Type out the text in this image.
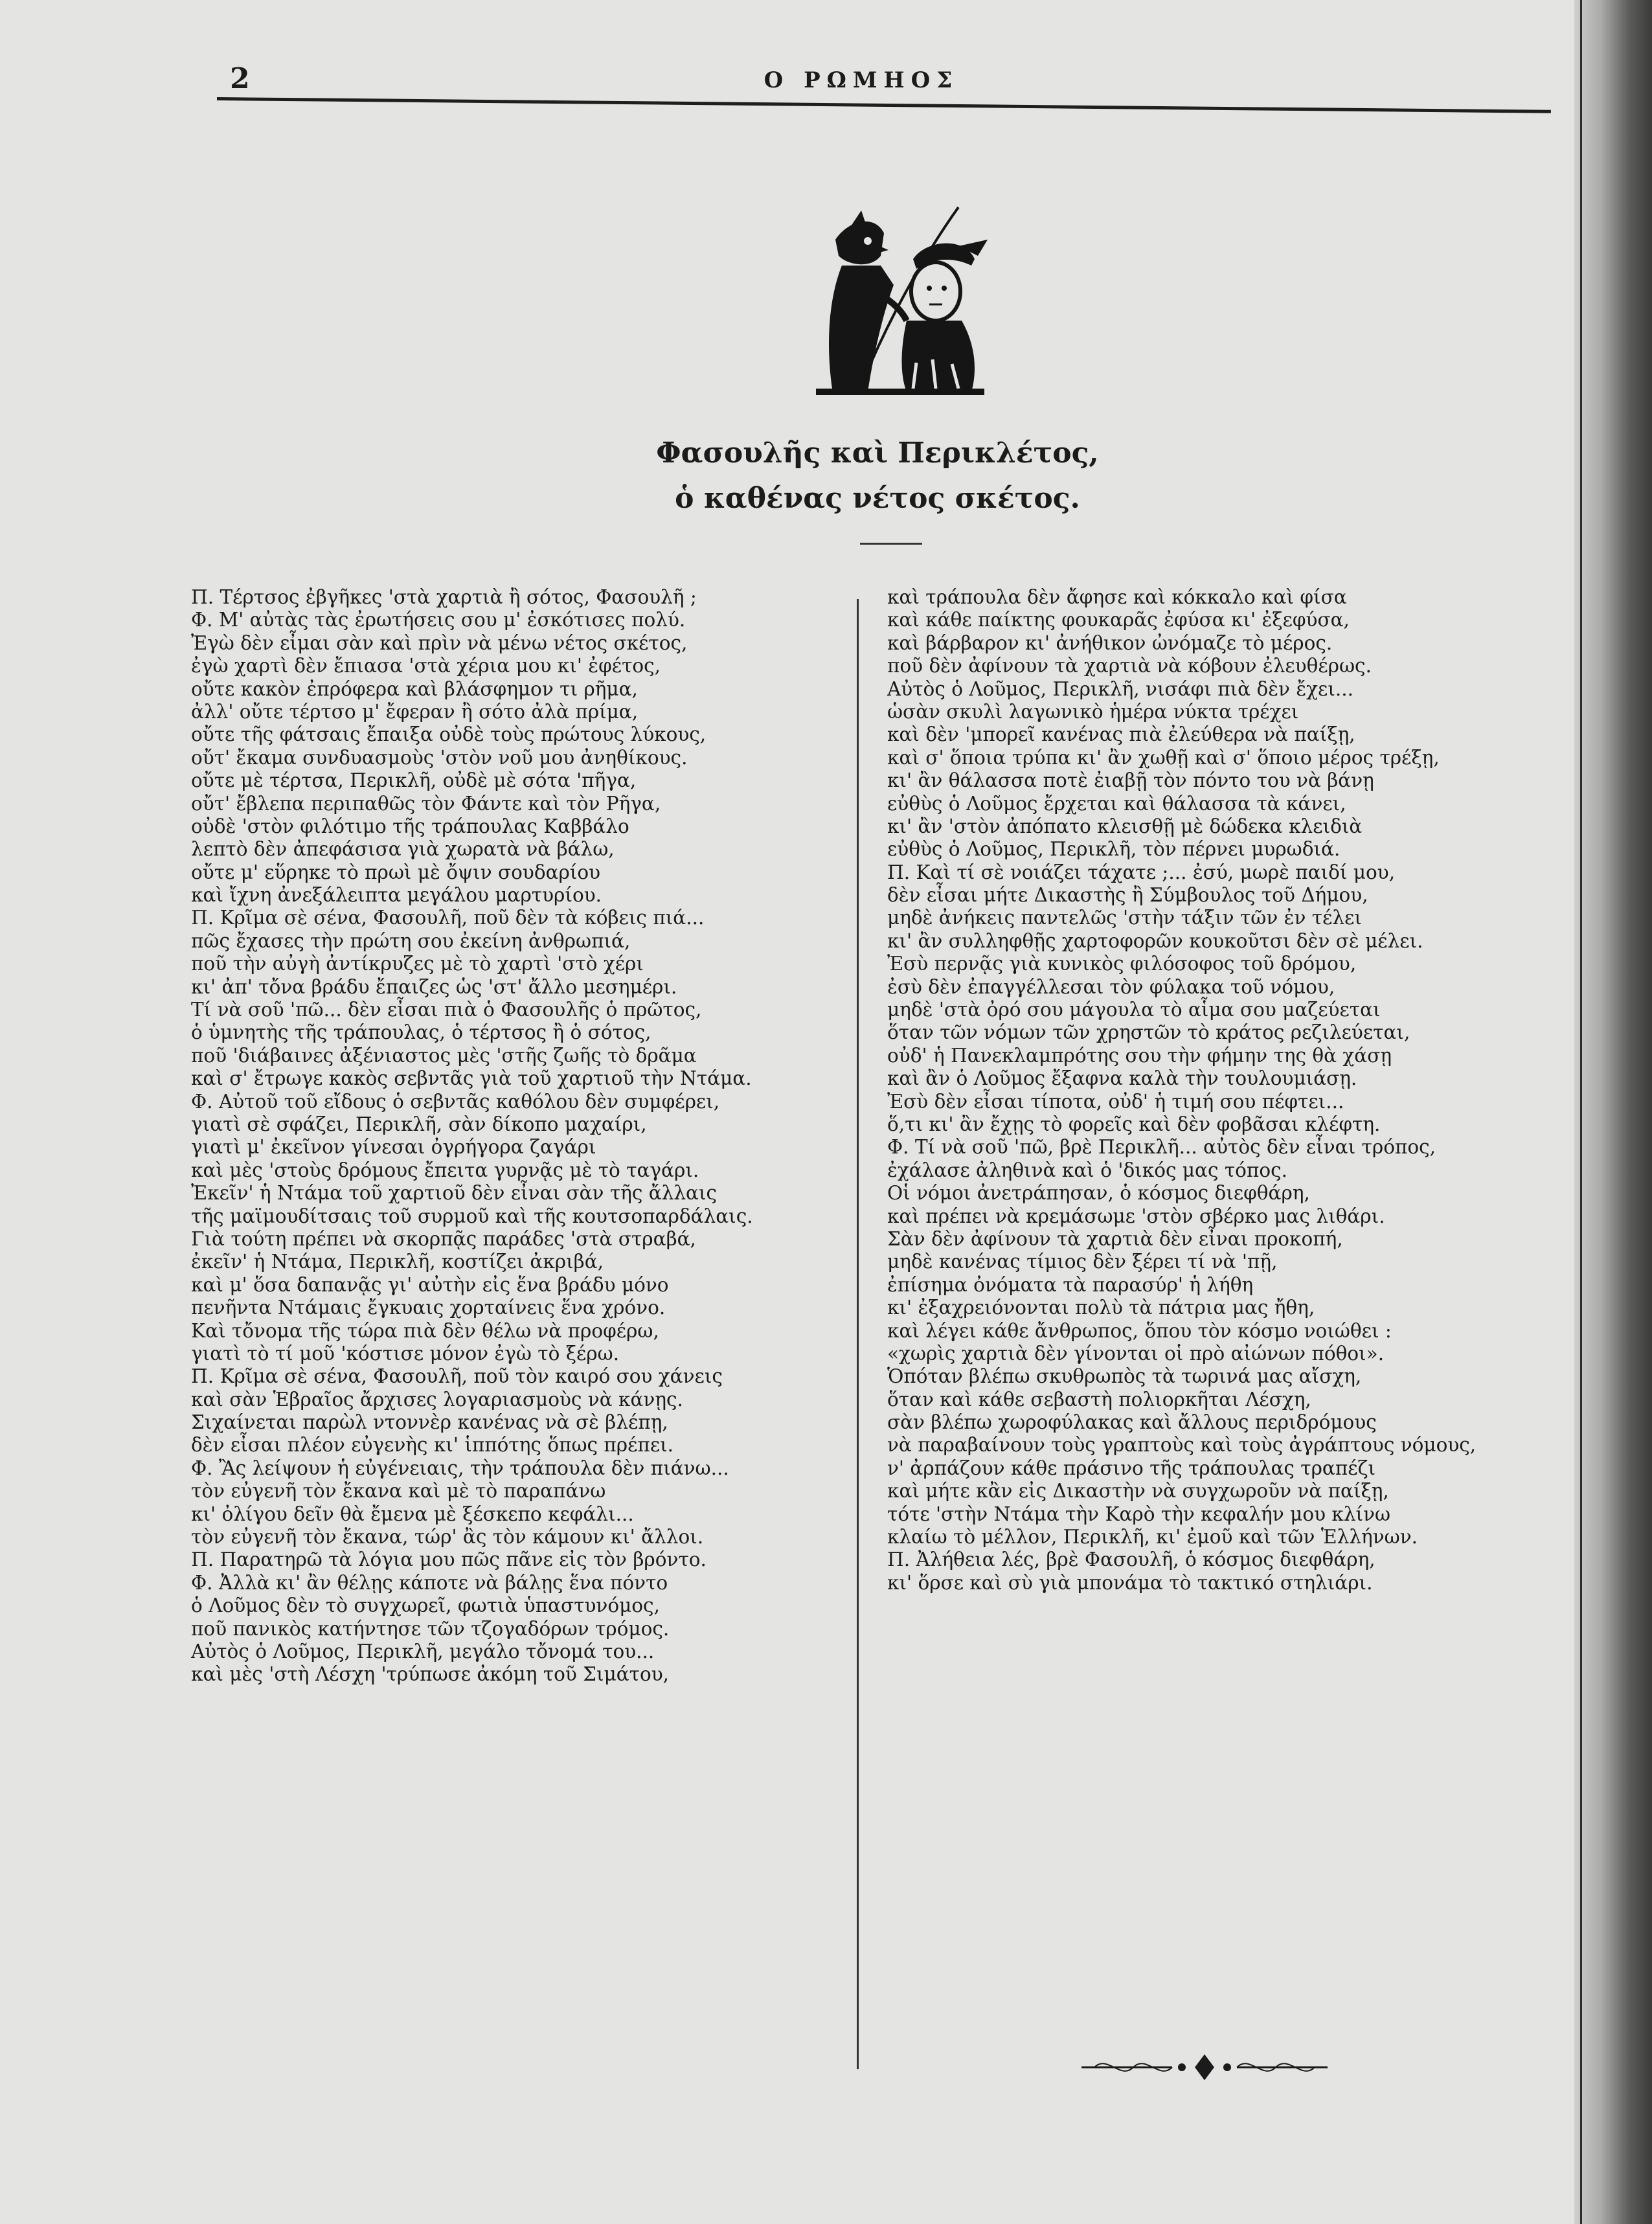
2	Ο ΡΩΜΗΟΣ
Φασουλῆς καὶ Περικλέτος,
ὁ καθένας νέτος σκέτος.
Π. Τέρτσος ἐβγῆκες 'στὰ χαρτιὰ ἢ σότος, Φασουλῆ ;
Φ. Μ' αὐτὰς τὰς ἐρωτήσεις σου μ' ἐσκότισες πολύ.
Ἐγὼ δὲν εἶμαι σὰν καὶ πρὶν νὰ μένω νέτος σκέτος,
ἐγὼ χαρτὶ δὲν ἔπιασα 'στὰ χέρια μου κι' ἐφέτος,
οὔτε κακὸν ἐπρόφερα καὶ βλάσφημον τι ρῆμα,
ἀλλ' οὔτε τέρτσο μ' ἔφεραν ἢ σότο ἀλὰ πρίμα,
οὔτε τῆς φάτσαις ἔπαιξα οὐδὲ τοὺς πρώτους λύκους,
οὔτ' ἔκαμα συνδυασμοὺς 'στὸν νοῦ μου ἀνηθίκους.
οὔτε μὲ τέρτσα, Περικλῆ, οὐδὲ μὲ σότα 'πῆγα,
οὔτ' ἔβλεπα περιπαθῶς τὸν Φάντε καὶ τὸν Ρῆγα,
οὐδὲ 'στὸν φιλότιμο τῆς τράπουλας Καββάλο
λεπτὸ δὲν ἀπεφάσισα γιὰ χωρατὰ νὰ βάλω,
οὔτε μ' εὕρηκε τὸ πρωὶ μὲ ὄψιν σουδαρίου
καὶ ἴχνη ἀνεξάλειπτα μεγάλου μαρτυρίου.
Π. Κρῖμα σὲ σένα, Φασουλῆ, ποῦ δὲν τὰ κόβεις πιά...
πῶς ἔχασες τὴν πρώτη σου ἐκείνη ἀνθρωπιά,
ποῦ τὴν αὐγὴ ἀντίκρυζες μὲ τὸ χαρτὶ 'στὸ χέρι
κι' ἀπ' τὄνα βράδυ ἔπαιζες ὡς 'στ' ἄλλο μεσημέρι.
Τί νὰ σοῦ 'πῶ... δὲν εἶσαι πιὰ ὁ Φασουλῆς ὁ πρῶτος,
ὁ ὑμνητὴς τῆς τράπουλας, ὁ τέρτσος ἢ ὁ σότος,
ποῦ 'διάβαινες ἀξένιαστος μὲς 'στῆς ζωῆς τὸ δρᾶμα
καὶ σ' ἔτρωγε κακὸς σεβντᾶς γιὰ τοῦ χαρτιοῦ τὴν Ντάμα.
Φ. Αὐτοῦ τοῦ εἴδους ὁ σεβντᾶς καθόλου δὲν συμφέρει,
γιατὶ σὲ σφάζει, Περικλῆ, σὰν δίκοπο μαχαίρι,
γιατὶ μ' ἐκεῖνον γίνεσαι ὀγρήγορα ζαγάρι
καὶ μὲς 'στοὺς δρόμους ἔπειτα γυρνᾷς μὲ τὸ ταγάρι.
Ἐκεῖν' ἡ Ντάμα τοῦ χαρτιοῦ δὲν εἶναι σὰν τῆς ἄλλαις
τῆς μαϊμουδίτσαις τοῦ συρμοῦ καὶ τῆς κουτσοπαρδάλαις.
Γιὰ τούτη πρέπει νὰ σκορπᾷς παράδες 'στὰ στραβά,
ἐκεῖν' ἡ Ντάμα, Περικλῆ, κοστίζει ἀκριβά,
καὶ μ' ὅσα δαπανᾷς γι' αὐτὴν εἰς ἕνα βράδυ μόνο
πενῆντα Ντάμαις ἔγκυαις χορταίνεις ἕνα χρόνο.
Καὶ τὄνομα τῆς τώρα πιὰ δὲν θέλω νὰ προφέρω,
γιατὶ τὸ τί μοῦ 'κόστισε μόνον ἐγὼ τὸ ξέρω.
Π. Κρῖμα σὲ σένα, Φασουλῆ, ποῦ τὸν καιρό σου χάνεις
καὶ σὰν Ἑβραῖος ἄρχισες λογαριασμοὺς νὰ κάνῃς.
Σιχαίνεται παρὼλ ντοννὲρ κανένας νὰ σὲ βλέπῃ,
δὲν εἶσαι πλέον εὐγενὴς κι' ἱππότης ὅπως πρέπει.
Φ. Ἂς λείψουν ἡ εὐγένειαις, τὴν τράπουλα δὲν πιάνω...
τὸν εὐγενῆ τὸν ἔκανα καὶ μὲ τὸ παραπάνω
κι' ὀλίγου δεῖν θὰ ἔμενα μὲ ξέσκεπο κεφάλι...
τὸν εὐγενῆ τὸν ἔκανα, τώρ' ἂς τὸν κάμουν κι' ἄλλοι.
Π. Παρατηρῶ τὰ λόγια μου πῶς πᾶνε εἰς τὸν βρόντο.
Φ. Ἀλλὰ κι' ἂν θέλῃς κάποτε νὰ βάλῃς ἕνα πόντο
ὁ Λοῦμος δὲν τὸ συγχωρεῖ, φωτιὰ ὑπαστυνόμος,
ποῦ πανικὸς κατήντησε τῶν τζογαδόρων τρόμος.
Αὐτὸς ὁ Λοῦμος, Περικλῆ, μεγάλο τὄνομά του...
καὶ μὲς 'στὴ Λέσχη 'τρύπωσε ἀκόμη τοῦ Σιμάτου,
καὶ τράπουλα δὲν ἄφησε καὶ κόκκαλο καὶ φίσα
καὶ κάθε παίκτης φουκαρᾶς ἐφύσα κι' ἐξεφύσα,
καὶ βάρβαρον κι' ἀνήθικον ὠνόμαζε τὸ μέρος.
ποῦ δὲν ἀφίνουν τὰ χαρτιὰ νὰ κόβουν ἐλευθέρως.
Αὐτὸς ὁ Λοῦμος, Περικλῆ, νισάφι πιὰ δὲν ἔχει...
ὡσὰν σκυλὶ λαγωνικὸ ἡμέρα νύκτα τρέχει
καὶ δὲν 'μπορεῖ κανένας πιὰ ἐλεύθερα νὰ παίξῃ,
καὶ σ' ὅποια τρύπα κι' ἂν χωθῇ καὶ σ' ὅποιο μέρος τρέξῃ,
κι' ἂν θάλασσα ποτὲ ἐιαβῇ τὸν πόντο του νὰ βάνῃ
εὐθὺς ὁ Λοῦμος ἔρχεται καὶ θάλασσα τὰ κάνει,
κι' ἂν 'στὸν ἀπόπατο κλεισθῇ μὲ δώδεκα κλειδιὰ
εὐθὺς ὁ Λοῦμος, Περικλῆ, τὸν πέρνει μυρωδιά.
Π. Καὶ τί σὲ νοιάζει τάχατε ;... ἐσύ, μωρὲ παιδί μου,
δὲν εἶσαι μήτε Δικαστὴς ἢ Σύμβουλος τοῦ Δήμου,
μηδὲ ἀνήκεις παντελῶς 'στὴν τάξιν τῶν ἐν τέλει
κι' ἂν συλληφθῇς χαρτοφορῶν κουκοῦτσι δὲν σὲ μέλει.
Ἐσὺ περνᾷς γιὰ κυνικὸς φιλόσοφος τοῦ δρόμου,
ἐσὺ δὲν ἐπαγγέλλεσαι τὸν φύλακα τοῦ νόμου,
μηδὲ 'στὰ ὀρό σου μάγουλα τὸ αἷμα σου μαζεύεται
ὅταν τῶν νόμων τῶν χρηστῶν τὸ κράτος ρεζιλεύεται,
οὐδ' ἡ Πανεκλαμπρότης σου τὴν φήμην της θὰ χάσῃ
καὶ ἂν ὁ Λοῦμος ἔξαφνα καλὰ τὴν τουλουμιάσῃ.
Ἐσὺ δὲν εἶσαι τίποτα, οὐδ' ἡ τιμή σου πέφτει...
ὅ,τι κι' ἂν ἔχῃς τὸ φορεῖς καὶ δὲν φοβᾶσαι κλέφτη.
Φ. Τί νὰ σοῦ 'πῶ, βρὲ Περικλῆ... αὐτὸς δὲν εἶναι τρόπος,
ἐχάλασε ἀληθινὰ καὶ ὁ 'δικός μας τόπος.
Οἱ νόμοι ἀνετράπησαν, ὁ κόσμος διεφθάρη,
καὶ πρέπει νὰ κρεμάσωμε 'στὸν σβέρκο μας λιθάρι.
Σὰν δὲν ἀφίνουν τὰ χαρτιὰ δὲν εἶναι προκοπή,
μηδὲ κανένας τίμιος δὲν ξέρει τί νὰ 'πῇ,
ἐπίσημα ὀνόματα τὰ παρασύρ' ἡ λήθη
κι' ἐξαχρειόνονται πολὺ τὰ πάτρια μας ἤθη,
καὶ λέγει κάθε ἄνθρωπος, ὅπου τὸν κόσμο νοιώθει :
«χωρὶς χαρτιὰ δὲν γίνονται οἱ πρὸ αἰώνων πόθοι».
Ὁπόταν βλέπω σκυθρωπὸς τὰ τωρινά μας αἴσχη,
ὅταν καὶ κάθε σεβαστὴ πολιορκῆται Λέσχη,
σὰν βλέπω χωροφύλακας καὶ ἄλλους περιδρόμους
νὰ παραβαίνουν τοὺς γραπτοὺς καὶ τοὺς ἀγράπτους νόμους,
ν' ἀρπάζουν κάθε πράσινο τῆς τράπουλας τραπέζι
καὶ μήτε κἂν εἰς Δικαστὴν νὰ συγχωροῦν νὰ παίξῃ,
τότε 'στὴν Ντάμα τὴν Καρὸ τὴν κεφαλήν μου κλίνω
κλαίω τὸ μέλλον, Περικλῆ, κι' ἐμοῦ καὶ τῶν Ἑλλήνων.
Π. Ἀλήθεια λές, βρὲ Φασουλῆ, ὁ κόσμος διεφθάρη,
κι' ὅρσε καὶ σὺ γιὰ μπονάμα τὸ τακτικό στηλιάρι.
